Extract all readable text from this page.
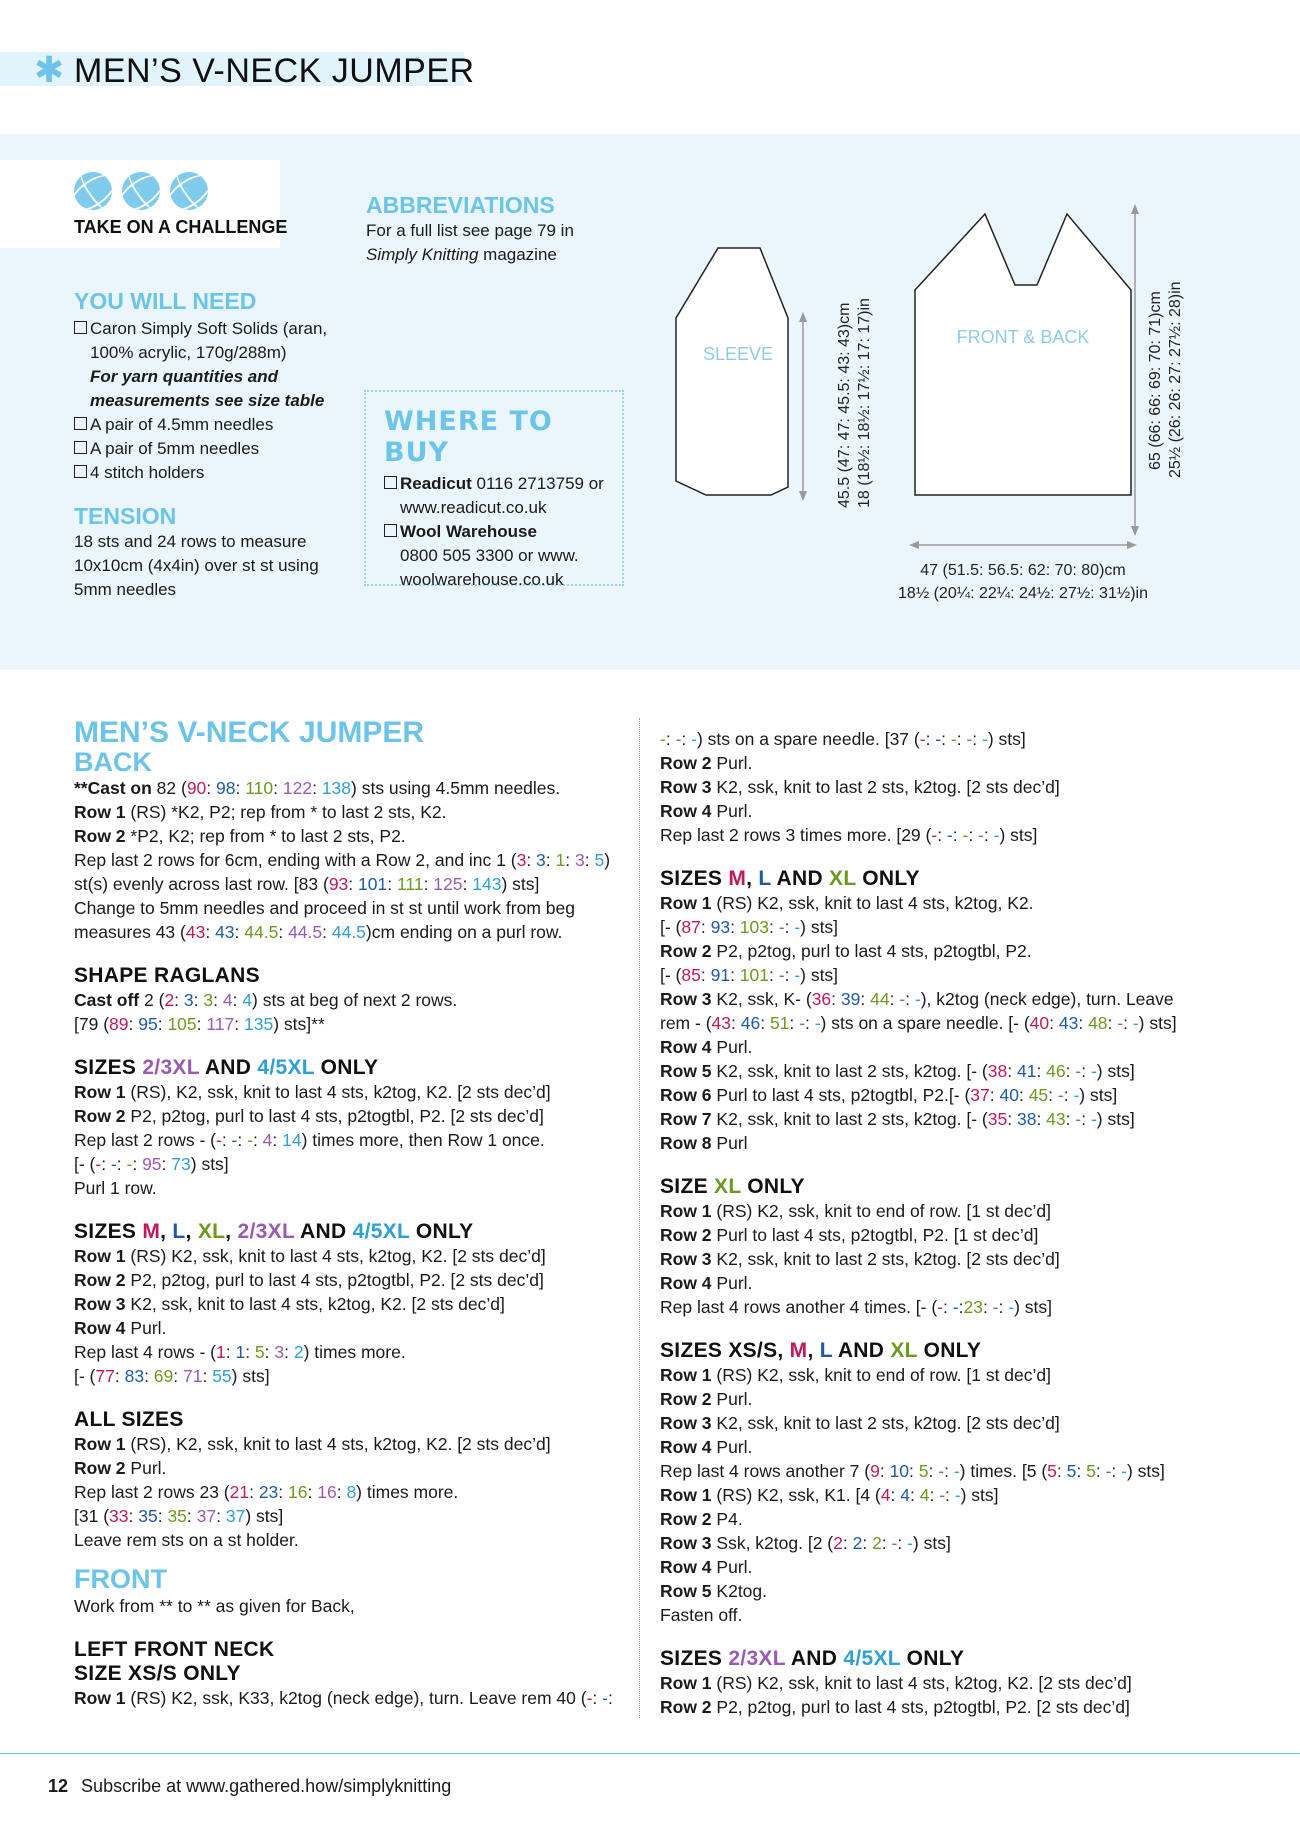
✱ MEN’S V-NECK JUMPER
TAKE ON A CHALLENGE
YOU WILL NEED
Caron Simply Soft Solids (aran,
100% acrylic, 170g/288m)
For yarn quantities and
measurements see size table
A pair of 4.5mm needles
A pair of 5mm needles
4 stitch holders
TENSION
18 sts and 24 rows to measure
10x10cm (4x4in) over st st using
5mm needles
ABBREVIATIONS
For a full list see page 79 in
Simply Knitting magazine
WHERE TO BUY
Readicut 0116 2713759 or
www.readicut.co.uk
Wool Warehouse
0800 505 3300 or www.
woolwarehouse.co.uk
SLEEVE
FRONT & BACK
45.5 (47: 47: 45.5: 43: 43)cm 18 (18½: 18½: 17½: 17: 17)in	65 (66: 66: 69: 70: 71)cm 25½ (26: 26: 27: 27½: 28)in
47 (51.5: 56.5: 62: 70: 80)cm
18½ (20¼: 22¼: 24½: 27½: 31½)in
MEN’S V-NECK JUMPER
BACK

**Cast on 82 (90: 98: 110: 122: 138) sts using 4.5mm needles.

Row 1 (RS) *K2, P2; rep from * to last 2 sts, K2.

Row 2 *P2, K2; rep from * to last 2 sts, P2.

Rep last 2 rows for 6cm, ending with a Row 2, and inc 1 (3: 3: 1: 3: 5)

st(s) evenly across last row. [83 (93: 101: 111: 125: 143) sts]

Change to 5mm needles and proceed in st st until work from beg

measures 43 (43: 43: 44.5: 44.5: 44.5)cm ending on a purl row.

SHAPE RAGLANS

Cast off 2 (2: 3: 3: 4: 4) sts at beg of next 2 rows.

[79 (89: 95: 105: 117: 135) sts]**

SIZES 2/3XL AND 4/5XL ONLY

Row 1 (RS), K2, ssk, knit to last 4 sts, k2tog, K2. [2 sts dec’d]

Row 2 P2, p2tog, purl to last 4 sts, p2togtbl, P2. [2 sts dec’d]

Rep last 2 rows - (-: -: -: 4: 14) times more, then Row 1 once.

[- (-: -: -: 95: 73) sts]

Purl 1 row.

SIZES M, L, XL, 2/3XL AND 4/5XL ONLY

Row 1 (RS) K2, ssk, knit to last 4 sts, k2tog, K2. [2 sts dec’d]

Row 2 P2, p2tog, purl to last 4 sts, p2togtbl, P2. [2 sts dec’d]

Row 3 K2, ssk, knit to last 4 sts, k2tog, K2. [2 sts dec’d]

Row 4 Purl.

Rep last 4 rows - (1: 1: 5: 3: 2) times more.

[- (77: 83: 69: 71: 55) sts]

ALL SIZES

Row 1 (RS), K2, ssk, knit to last 4 sts, k2tog, K2. [2 sts dec’d]

Row 2 Purl.

Rep last 2 rows 23 (21: 23: 16: 16: 8) times more.

[31 (33: 35: 35: 37: 37) sts]

Leave rem sts on a st holder.

FRONT

Work from ** to ** as given for Back,

LEFT FRONT NECK
SIZE XS/S ONLY

Row 1 (RS) K2, ssk, K33, k2tog (neck edge), turn. Leave rem 40 (-: -:

-: -: -) sts on a spare needle. [37 (-: -: -: -: -) sts]

Row 2 Purl.

Row 3 K2, ssk, knit to last 2 sts, k2tog. [2 sts dec’d]

Row 4 Purl.

Rep last 2 rows 3 times more. [29 (-: -: -: -: -) sts]

SIZES M, L AND XL ONLY

Row 1 (RS) K2, ssk, knit to last 4 sts, k2tog, K2.

[- (87: 93: 103: -: -) sts]

Row 2 P2, p2tog, purl to last 4 sts, p2togtbl, P2.

[- (85: 91: 101: -: -) sts]

Row 3 K2, ssk, K- (36: 39: 44: -: -), k2tog (neck edge), turn. Leave

rem - (43: 46: 51: -: -) sts on a spare needle. [- (40: 43: 48: -: -) sts]

Row 4 Purl.

Row 5 K2, ssk, knit to last 2 sts, k2tog. [- (38: 41: 46: -: -) sts]

Row 6 Purl to last 4 sts, p2togtbl, P2.[- (37: 40: 45: -: -) sts]

Row 7 K2, ssk, knit to last 2 sts, k2tog. [- (35: 38: 43: -: -) sts]

Row 8 Purl

SIZE XL ONLY

Row 1 (RS) K2, ssk, knit to end of row. [1 st dec’d]

Row 2 Purl to last 4 sts, p2togtbl, P2. [1 st dec’d]

Row 3 K2, ssk, knit to last 2 sts, k2tog. [2 sts dec’d]

Row 4 Purl.

Rep last 4 rows another 4 times. [- (-: -:23: -: -) sts]

SIZES XS/S, M, L AND XL ONLY

Row 1 (RS) K2, ssk, knit to end of row. [1 st dec’d]

Row 2 Purl.

Row 3 K2, ssk, knit to last 2 sts, k2tog. [2 sts dec’d]

Row 4 Purl.

Rep last 4 rows another 7 (9: 10: 5: -: -) times. [5 (5: 5: 5: -: -) sts]

Row 1 (RS) K2, ssk, K1. [4 (4: 4: 4: -: -) sts]

Row 2 P4.

Row 3 Ssk, k2tog. [2 (2: 2: 2: -: -) sts]

Row 4 Purl.

Row 5 K2tog.

Fasten off.

SIZES 2/3XL AND 4/5XL ONLY

Row 1 (RS) K2, ssk, knit to last 4 sts, k2tog, K2. [2 sts dec’d]

Row 2 P2, p2tog, purl to last 4 sts, p2togtbl, P2. [2 sts dec’d]

12 Subscribe at www.gathered.how/simplyknitting
